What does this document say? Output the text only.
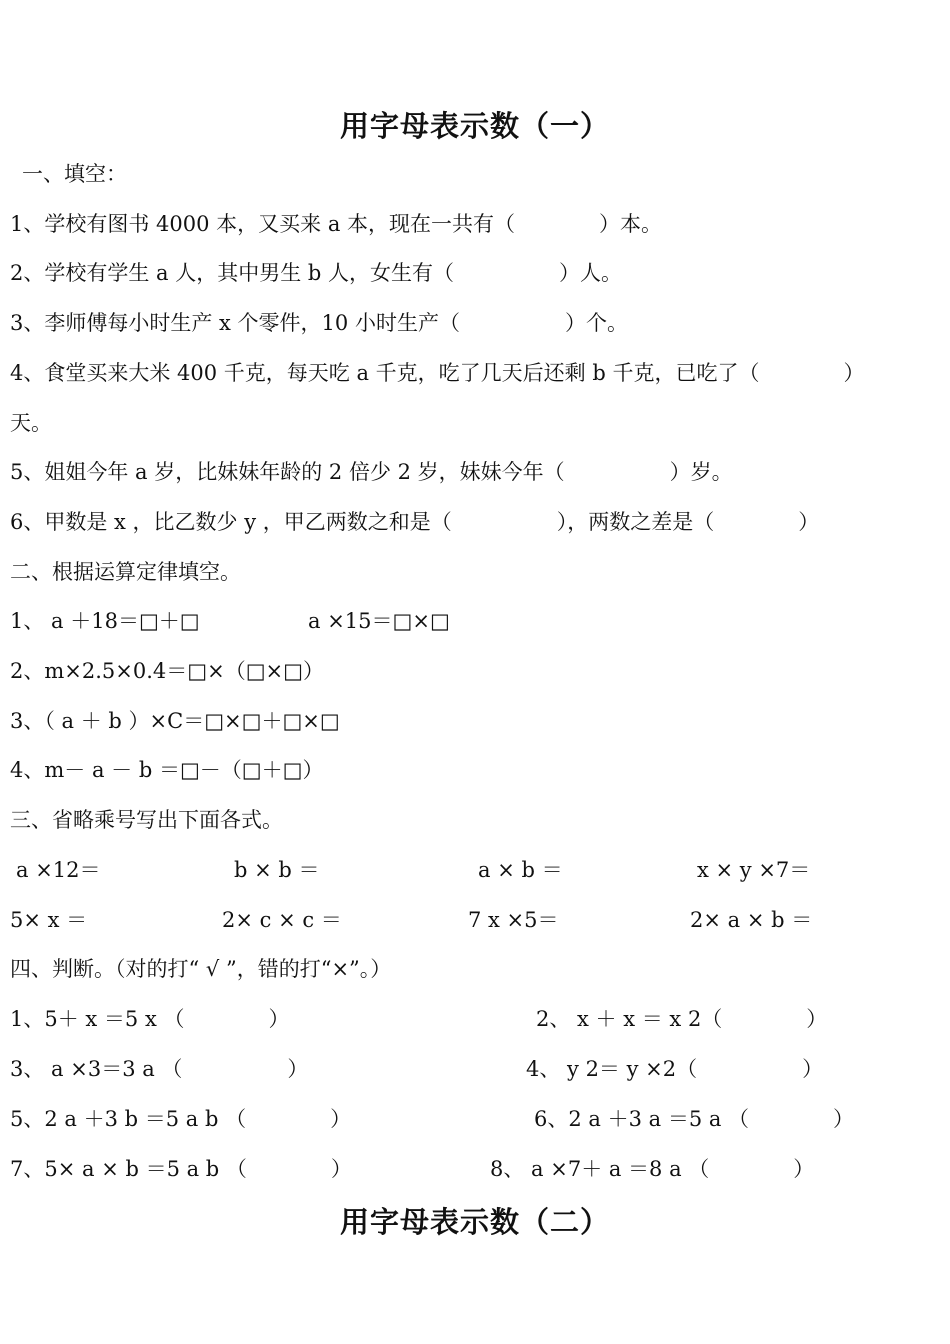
用字母表示数（一）
一、填空：
1、学校有图书 4000 本，又买来 a 本，现在一共有（　　　　）本。
2、学校有学生 a 人，其中男生 b 人，女生有（　　　　　）人。
3、李师傅每小时生产 x 个零件，10 小时生产（　　　　　）个。
4、食堂买来大米 400 千克，每天吃 a 千克，吃了几天后还剩 b 千克，已吃了（　　　　）
天。
5、姐姐今年 a 岁，比妹妹年龄的 2 倍少 2 岁，妹妹今年（　　　　　）岁。
6、甲数是 x ，比乙数少 y ，甲乙两数之和是（　　　　　），两数之差是（　　　　）
二、根据运算定律填空。
1、 a ＋18＝□＋□	a ×15＝□×□
2、m×2.5×0.4＝□×（□×□）
3、（ a ＋ b ）×C＝□×□＋□×□
4、m－ a － b ＝□－（□＋□）
三、省略乘号写出下面各式。
a ×12＝	b × b ＝	a × b ＝	x × y ×7＝
5× x ＝	2× c × c ＝	7 x ×5＝	2× a × b ＝
四、判断。（对的打“ √ ”，错的打“×”。）
1、5＋ x ＝5 x （　　　　）	2、 x ＋ x ＝ x 2（　　　　）
3、 a ×3＝3 a （　　　　　）	4、 y 2＝ y ×2（　　　　　）
5、2 a ＋3 b ＝5 a b （　　　　）	6、2 a ＋3 a ＝5 a （　　　　）
7、5× a × b ＝5 a b （　　　　）	8、 a ×7＋ a ＝8 a （　　　　）
用字母表示数（二）
